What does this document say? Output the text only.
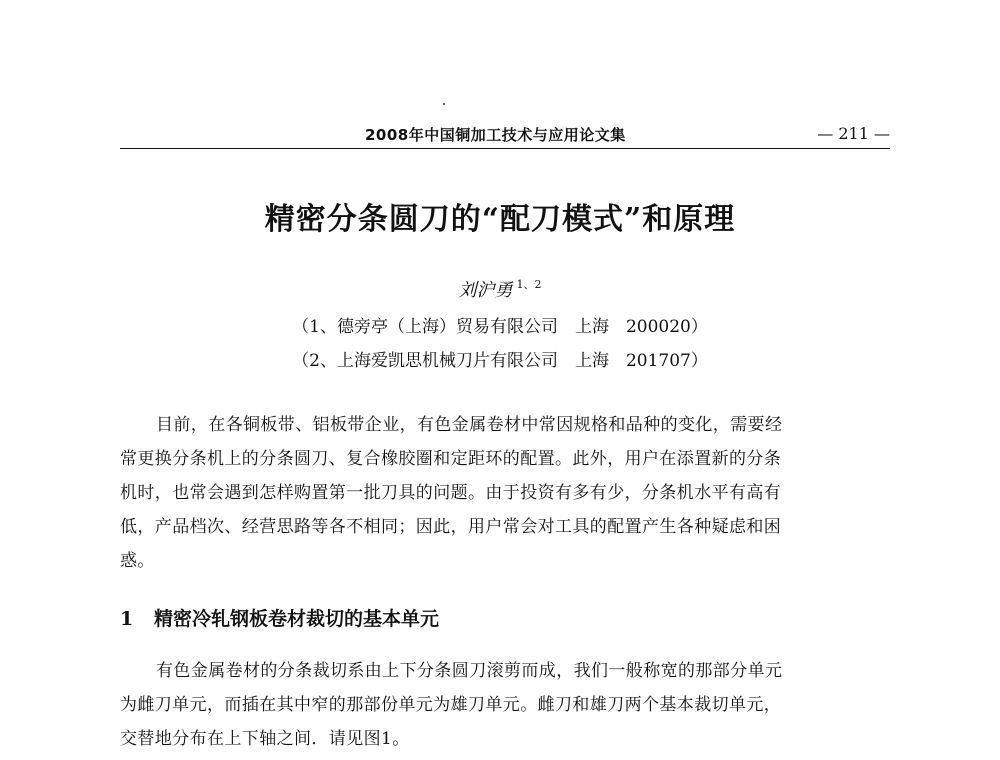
2008年中国铜加工技术与应用论文集	— 211 —
精密分条圆刀的“配刀模式”和原理
刘沪勇 $^{1、2}$
（1、德旁亭（上海）贸易有限公司　上海　200020）
（2、上海爱凯思机械刀片有限公司　上海　201707）
目前，在各铜板带、铝板带企业，有色金属卷材中常因规格和品种的变化，需要经
常更换分条机上的分条圆刀、复合橡胶圈和定距环的配置。此外，用户在添置新的分条
机时，也常会遇到怎样购置第一批刀具的问题。由于投资有多有少，分条机水平有高有
低，产品档次、经营思路等各不相同；因此，用户常会对工具的配置产生各种疑虑和困
惑。
1 精密冷轧钢板卷材裁切的基本单元
有色金属卷材的分条裁切系由上下分条圆刀滚剪而成，我们一般称宽的那部分单元
为雌刀单元，而插在其中窄的那部份单元为雄刀单元。雌刀和雄刀两个基本裁切单元，
交替地分布在上下轴之间．请见图1。
